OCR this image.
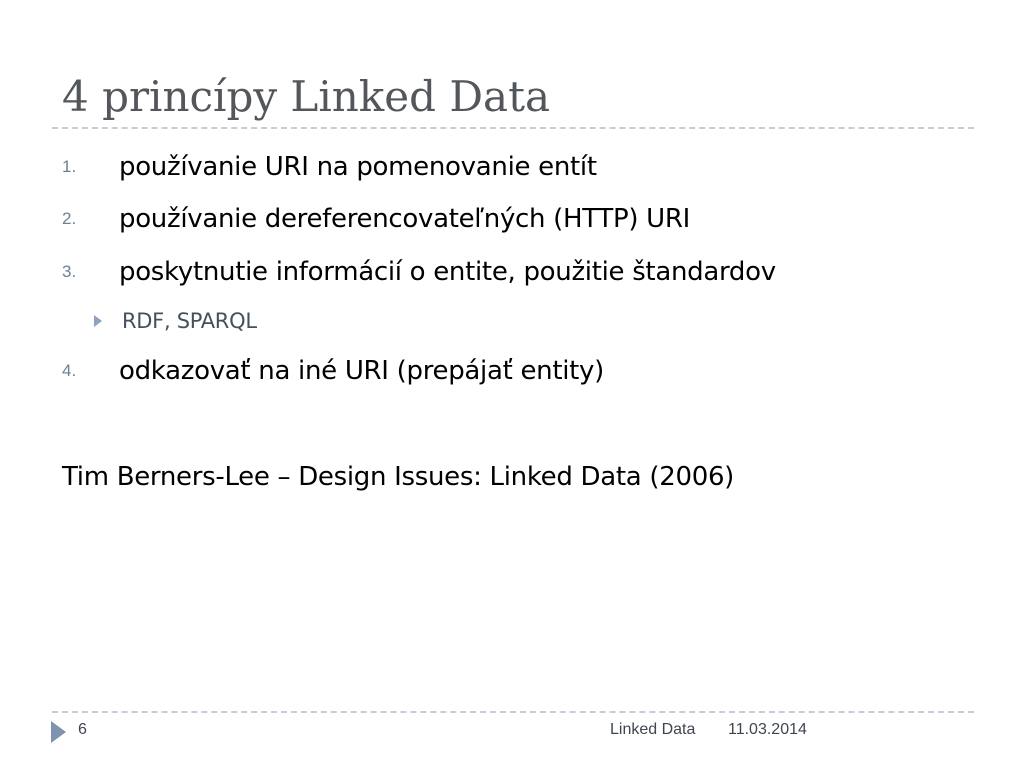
4 princípy Linked Data
1. používanie URI na pomenovanie entít
2. používanie dereferencovateľných (HTTP) URI
3. poskytnutie informácií o entite, použitie štandardov
RDF, SPARQL
4. odkazovať na iné URI (prepájať entity)
Tim Berners-Lee – Design Issues: Linked Data (2006)
6	Linked Data 11.03.2014
